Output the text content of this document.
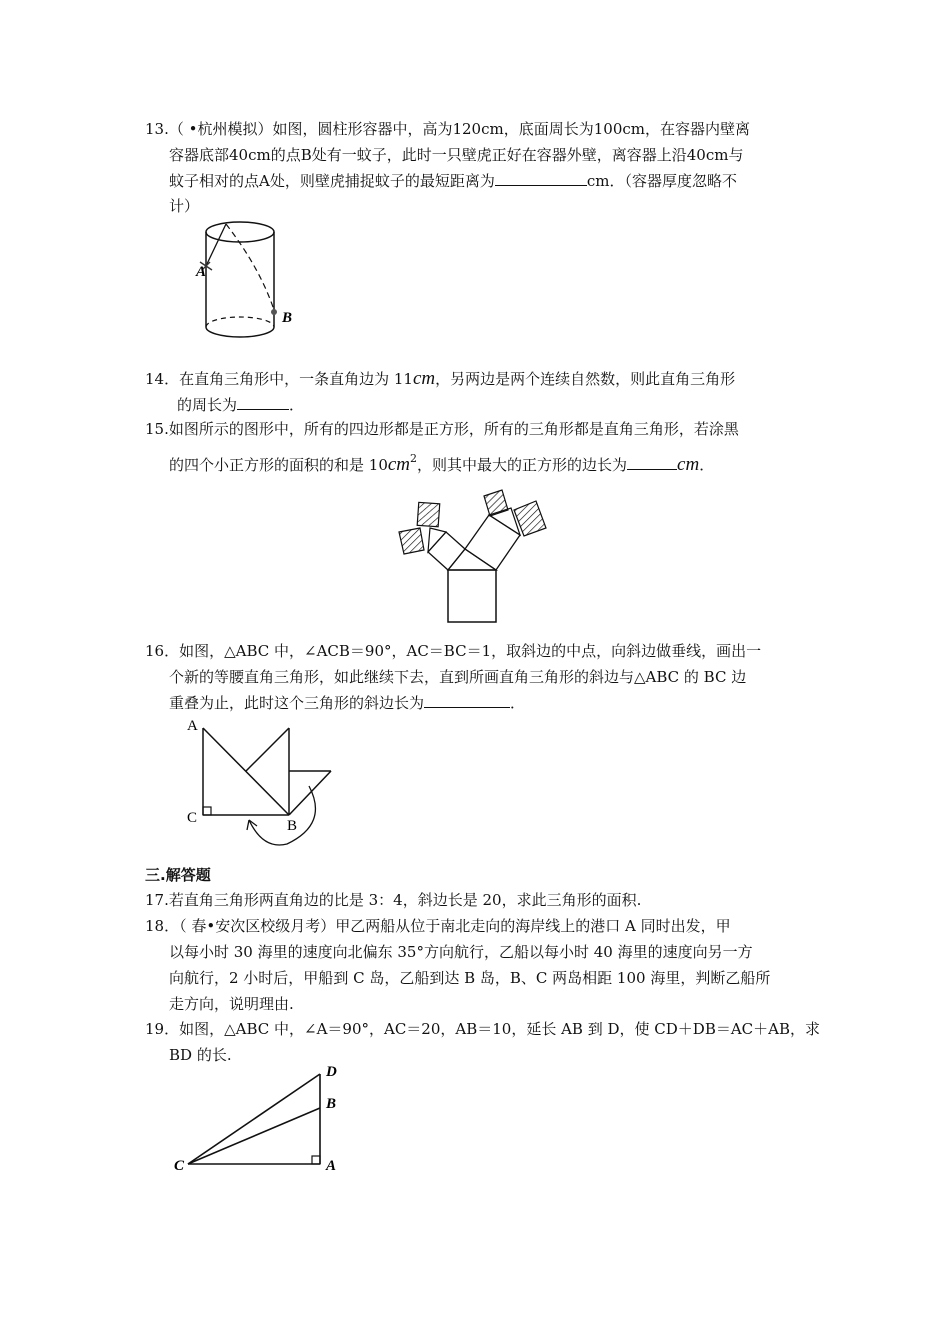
13.（ •杭州模拟）如图，圆柱形容器中，高为120cm，底面周长为100cm，在容器内壁离
容器底部40cm的点B处有一蚊子，此时一只壁虎正好在容器外壁，离容器上沿40cm与
蚊子相对的点A处，则壁虎捕捉蚊子的最短距离为	cm．（容器厚度忽略不
计）
A
B
14．在直角三角形中，一条直角边为 11cm，另两边是两个连续自然数，则此直角三角形
的周长为	．
15.如图所示的图形中，所有的四边形都是正方形，所有的三角形都是直角三角形，若涂黑
的四个小正方形的面积的和是 $10cm^2$，则其中最大的正方形的边长为	cm．
16．如图，△ABC 中，∠ACB＝90°，AC＝BC＝1，取斜边的中点，向斜边做垂线，画出一
个新的等腰直角三角形，如此继续下去，直到所画直角三角形的斜边与△ABC 的 BC 边
重叠为止，此时这个三角形的斜边长为	．
A
C	B
三.解答题
17.若直角三角形两直角边的比是 3：4，斜边长是 20，求此三角形的面积.
18．（ 春•安次区校级月考）甲乙两船从位于南北走向的海岸线上的港口 A 同时出发，甲
以每小时 30 海里的速度向北偏东 35°方向航行，乙船以每小时 40 海里的速度向另一方
向航行，2 小时后，甲船到 C 岛，乙船到达 B 岛，B、C 两岛相距 100 海里，判断乙船所
走方向，说明理由.
19．如图，△ABC 中，∠A＝90°，AC＝20，AB＝10，延长 AB 到 D，使 CD＋DB＝AC＋AB，求
BD 的长.
D
B
C	A
